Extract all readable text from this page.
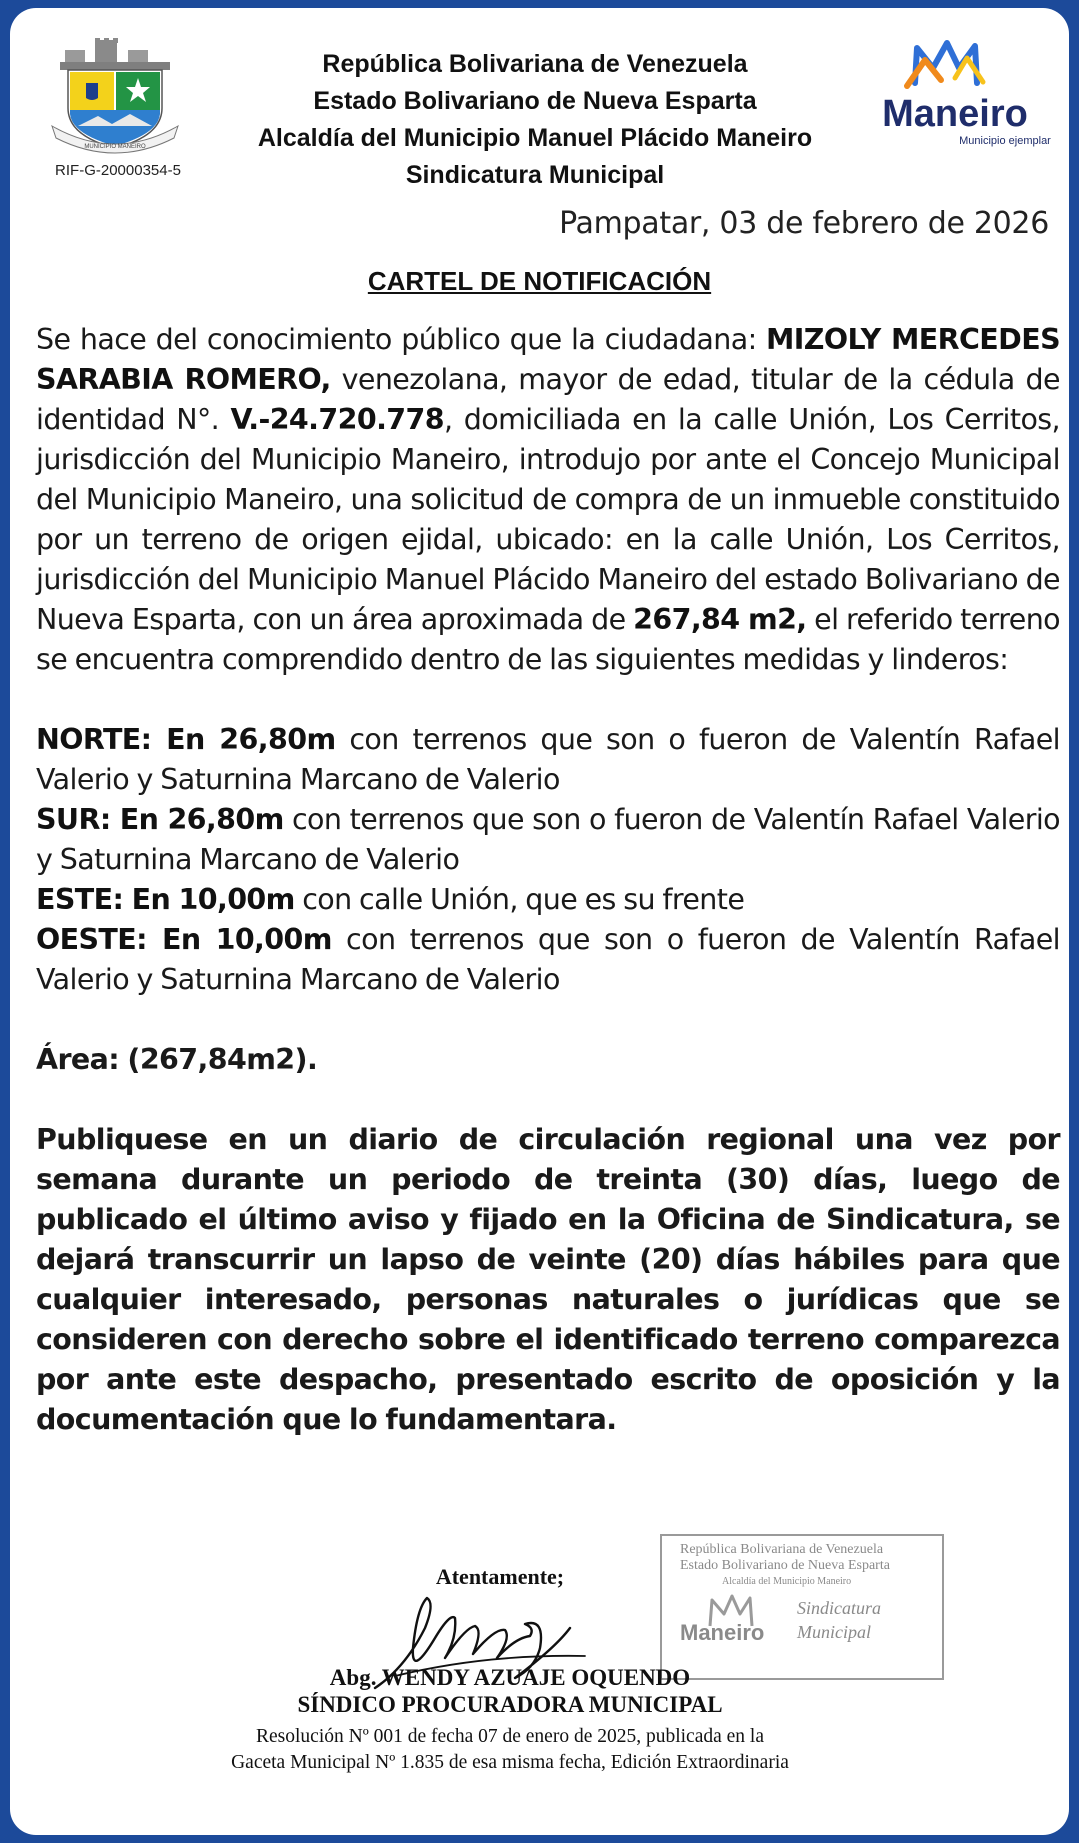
MUNICIPIO MANEIRO
RIF-G-20000354-5
República Bolivariana de Venezuela
Estado Bolivariano de Nueva Esparta
Alcaldía del Municipio Manuel Plácido Maneiro
Sindicatura Municipal
Maneiro
Municipio ejemplar
Pampatar, 03 de febrero de 2026
CARTEL DE NOTIFICACIÓN
Se hace del conocimiento público que la ciudadana: MIZOLY MERCEDES SARABIA ROMERO, venezolana, mayor de edad, titular de la cédula de identidad N°. V.-24.720.778, domiciliada en la calle Unión, Los Cerritos, jurisdicción del Municipio Maneiro, introdujo por ante el Concejo Municipal del Municipio Maneiro, una solicitud de compra de un inmueble constituido por un terreno de origen ejidal, ubicado: en la calle Unión, Los Cerritos, jurisdicción del Municipio Manuel Plácido Maneiro del estado Bolivariano de Nueva Esparta, con un área aproximada de 267,84 m2, el referido terreno se encuentra comprendido dentro de las siguientes medidas y linderos:

NORTE: En 26,80m con terrenos que son o fueron de Valentín Rafael Valerio y Saturnina Marcano de Valerio

SUR: En 26,80m con terrenos que son o fueron de Valentín Rafael Valerio y Saturnina Marcano de Valerio

ESTE: En 10,00m con calle Unión, que es su frente

OESTE: En 10,00m con terrenos que son o fueron de Valentín Rafael Valerio y Saturnina Marcano de Valerio

Área: (267,84m2).
Publiquese en un diario de circulación regional una vez por semana durante un periodo de treinta (30) días, luego de publicado el último aviso y fijado en la Oficina de Sindicatura, se dejará transcurrir un lapso de veinte (20) días hábiles para que cualquier interesado, personas naturales o jurídicas que se consideren con derecho sobre el identificado terreno comparezca por ante este despacho, presentado escrito de oposición y la documentación que lo fundamentara.
Atentamente;
República Bolivariana de Venezuela
Estado Bolivariano de Nueva Esparta
Alcaldía del Municipio Maneiro
Maneiro
Sindicatura
Municipal
Abg. WENDY AZUAJE OQUENDO
SÍNDICO PROCURADORA MUNICIPAL
Resolución Nº 001 de fecha 07 de enero de 2025, publicada en la
Gaceta Municipal Nº 1.835 de esa misma fecha, Edición Extraordinaria
